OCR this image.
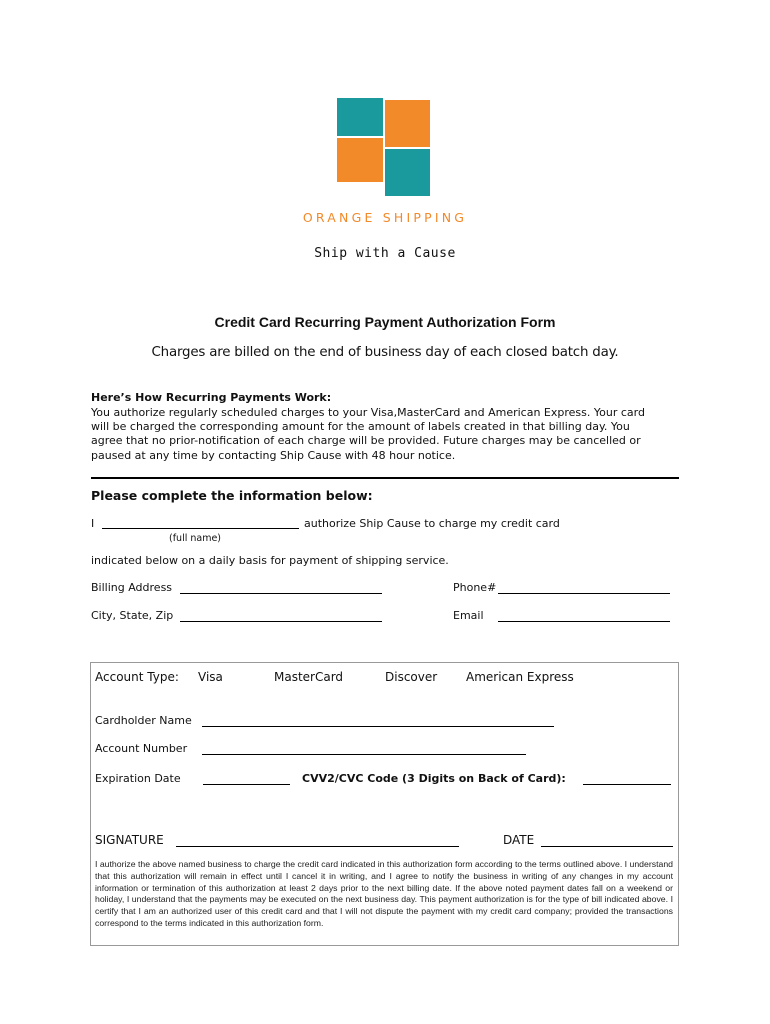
ORANGE SHIPPING
Ship with a Cause
Credit Card Recurring Payment Authorization Form
Charges are billed on the end of business day of each closed batch day.
Here’s How Recurring Payments Work:
You authorize regularly scheduled charges to your Visa,MasterCard and American Express. Your card
will be charged the corresponding amount for the amount of labels created in that billing day. You
agree that no prior-notification of each charge will be provided. Future charges may be cancelled or
paused at any time by contacting Ship Cause with 48 hour notice.
Please complete the information below:
I	authorize Ship Cause to charge my credit card
(full name)
indicated below on a daily basis for payment of shipping service.
Billing Address	Phone#
City, State, Zip	Email
Account Type: Visa	MasterCard	Discover American Express
Cardholder Name
Account Number
Expiration Date	CVV2/CVC Code (3 Digits on Back of Card):
SIGNATURE	DATE
I authorize the above named business to charge the credit card indicated in this authorization form according to the terms outlined above. I understand that this authorization will remain in effect until I cancel it in writing, and I agree to notify the business in writing of any changes in my account information or termination of this authorization at least 2 days prior to the next billing date. If the above noted payment dates fall on a weekend or holiday, I understand that the payments may be executed on the next business day. This payment authorization is for the type of bill indicated above. I certify that I am an authorized user of this credit card and that I will not dispute the payment with my credit card company; provided the transactions correspond to the terms indicated in this authorization form.
